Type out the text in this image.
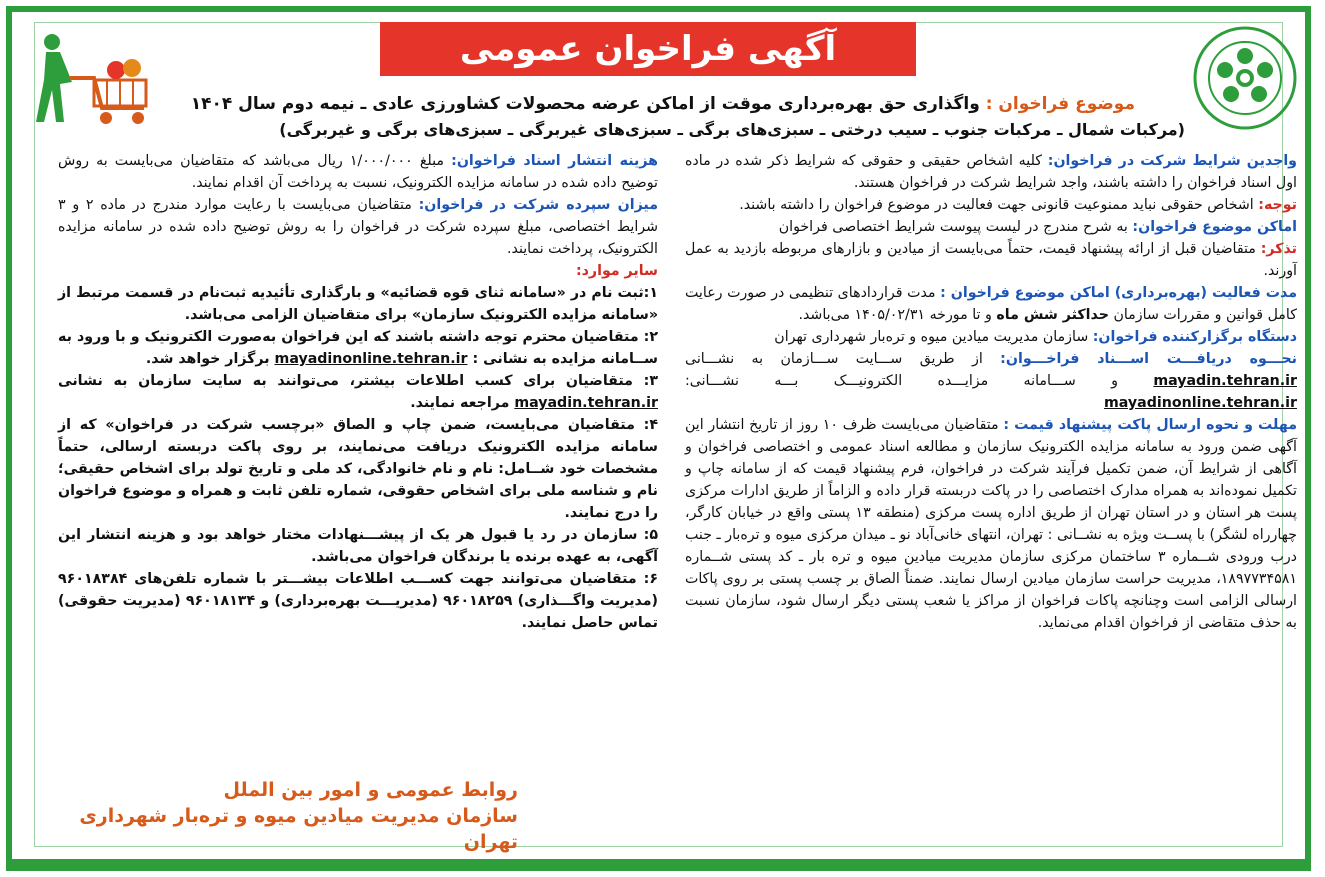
آگهی فراخوان عمومی
موضوع فراخوان : واگذاری حق بهره‌برداری موقت از اماکن عرضه محصولات کشاورزی عادی ـ نیمه دوم سال ۱۴۰۴
(مرکبات شمال ـ مرکبات جنوب ـ سیب درختی ـ سبزی‌های برگی ـ سبزی‌های غیربرگی ـ سبزی‌های برگی و غیربرگی)
واجدین شرایط شرکت در فراخوان: کلیه اشخاص حقیقی و حقوقی که شرایط ذکر شده در ماده اول اسناد فراخوان را داشته باشند، واجد شرایط شرکت در فراخوان هستند.
توجه: اشخاص حقوقی نباید ممنوعیت قانونی جهت فعالیت در موضوع فراخوان را داشته باشند.
اماکن موضوع فراخوان: به شرح مندرج در لیست پیوست شرایط اختصاصی فراخوان
تذکر: متقاضیان قبل از ارائه پیشنهاد قیمت، حتماً می‌بایست از میادین و بازارهای مربوطه بازدید به عمل آورند.
مدت فعالیت (بهره‌برداری) اماکن موضوع فراخوان : مدت قراردادهای تنظیمی در صورت رعایت کامل قوانین و مقررات سازمان حداکثر شش ماه و تا مورخه ۱۴۰۵/۰۲/۳۱ می‌باشد.
دستگاه برگزارکننده فراخوان: سازمان مدیریت میادین میوه و تره‌بار شهرداری تهران
نحـــوه دریافـــت اســـناد فراخـــوان: از طریق ســـایت ســـازمان به نشـــانی mayadin.tehran.ir و ســـامانه مزایـــده الکترونیـــک بـــه نشـــانی: mayadinonline.tehran.ir
مهلت و نحوه ارسال پاکت پیشنهاد قیمت : متقاضیان می‌بایست ظرف ۱۰ روز از تاریخ انتشار این آگهی ضمن ورود به سامانه مزایده الکترونیک سازمان و مطالعه اسناد عمومی و اختصاصی فراخوان و آگاهی از شرایط آن، ضمن تکمیل فرآیند شرکت در فراخوان، فرم پیشنهاد قیمت که از سامانه چاپ و تکمیل نموده‌اند به همراه مدارک اختصاصی را در پاکت دربسته قرار داده و الزاماً از طریق ادارات مرکزی پست هر استان و در استان تهران از طریق اداره پست مرکزی (منطقه ۱۳ پستی واقع در خیابان کارگر، چهارراه لشگر) با پســت ویژه به نشــانی : تهران، انتهای خانی‌آباد نو ـ میدان مرکزی میوه و تره‌بار ـ جنب درب ورودی شــماره ۳ ساختمان مرکزی سازمان مدیریت میادین میوه و تره بار ـ کد پستی شــماره ۱۸۹۷۷۳۴۵۸۱، مدیریت حراست سازمان میادین ارسال نمایند. ضمناً الصاق بر چسب پستی بر روی پاکات ارسالی الزامی است وچنانچه پاکات فراخوان از مراکز یا شعب پستی دیگر ارسال شود، سازمان نسبت به حذف متقاضی از فراخوان اقدام می‌نماید.
هزینه انتشار اسناد فراخوان: مبلغ ۱/۰۰۰/۰۰۰ ریال می‌باشد که متقاضیان می‌بایست به روش توضیح داده شده در سامانه مزایده الکترونیک، نسبت به پرداخت آن اقدام نمایند.
میزان سپرده شرکت در فراخوان: متقاضیان می‌بایست با رعایت موارد مندرج در ماده ۲ و ۳ شرایط اختصاصی، مبلغ سپرده شرکت در فراخوان را به روش توضیح داده شده در سامانه مزایده الکترونیک، پرداخت نمایند.
سایر موارد:
۱:ثبت نام در «سامانه ثنای قوه قضائیه» و بارگذاری تأئیدیه ثبت‌نام در قسمت مرتبط از «سامانه مزایده الکترونیک سازمان» برای متقاضیان الزامی می‌باشد.
۲: متقاضیان محترم توجه داشته باشند که این فراخوان به‌صورت الکترونیک و با ورود به ســامانه مزایده به نشانی : mayadinonline.tehran.ir برگزار خواهد شد.
۳: متقاضیان برای کسب اطلاعات بیشتر، می‌توانند به سایت سازمان به نشانی mayadin.tehran.ir مراجعه نمایند.
۴: متقاضیان می‌بایست، ضمن چاپ و الصاق «برچسب شرکت در فراخوان» که از سامانه مزایده الکترونیک دریافت می‌نمایند، بر روی پاکت دربسته ارسالی، حتماً مشخصات خود شــامل: نام و نام خانوادگی، کد ملی و تاریخ تولد برای اشخاص حقیقی؛ نام و شناسه ملی برای اشخاص حقوقی، شماره تلفن ثابت و همراه و موضوع فراخوان را درج نمایند.
۵: سازمان در رد یا قبول هر یک از پیشـــنهادات مختار خواهد بود و هزینه انتشار این آگهی، به عهده برنده یا برندگان فراخوان می‌باشد.
۶: متقاضیان می‌توانند جهت کســـب اطلاعات بیشـــتر با شماره تلفن‌های ۹۶۰۱۸۳۸۴ (مدیریت واگـــذاری) ۹۶۰۱۸۲۵۹ (مدیریـــت بهره‌برداری) و ۹۶۰۱۸۱۳۴ (مدیریت حقوقی) تماس حاصل نمایند.
روابط عمومی و امور بین الملل
سازمان مدیریت میادین میوه و تره‌بار شهرداری تهران
